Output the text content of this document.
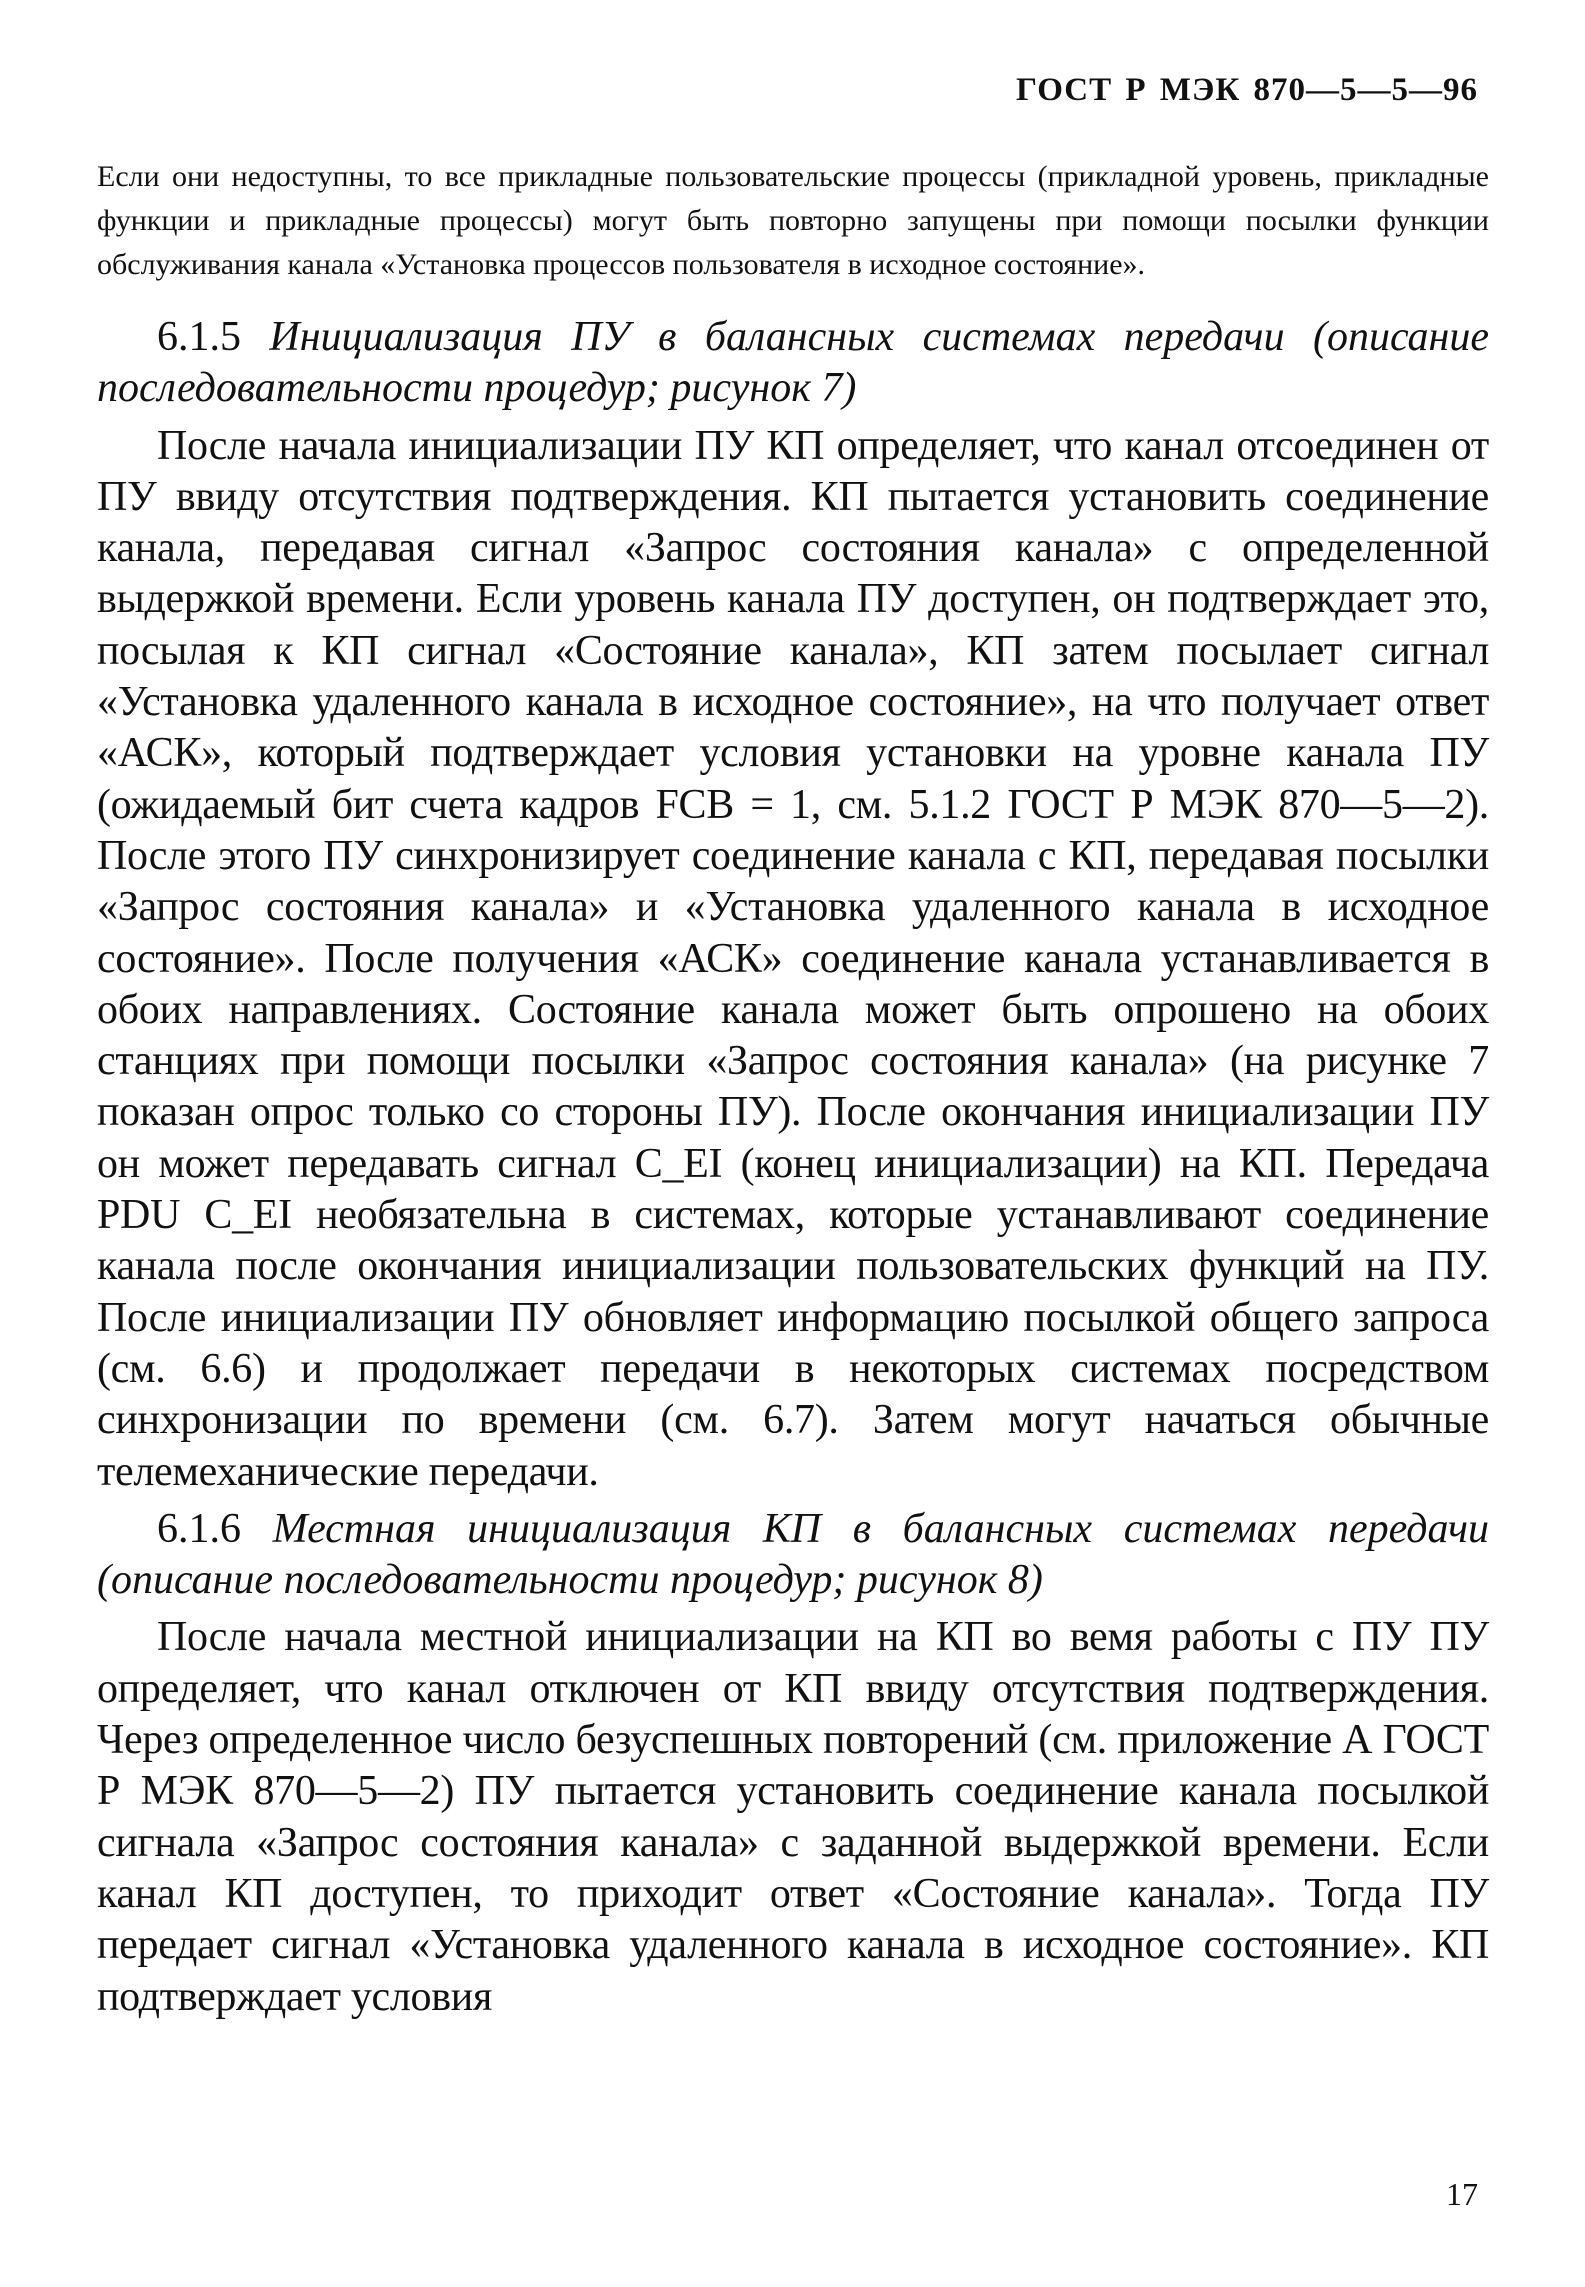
ГОСТ Р МЭК 870—5—5—96
Если они недоступны, то все прикладные пользовательские процессы (прикладной уровень, прикладные функции и прикладные процессы) могут быть повторно запущены при помощи посылки функции обслуживания канала «Установка процессов пользователя в исходное состояние».

6.1.5 Инициализация ПУ в балансных системах передачи (описание последовательности процедур; рисунок 7)

После начала инициализации ПУ КП определяет, что канал отсоединен от ПУ ввиду отсутствия подтверждения. КП пытается установить соединение канала, передавая сигнал «Запрос состояния канала» с определенной выдержкой времени. Если уровень канала ПУ доступен, он подтверждает это, посылая к КП сигнал «Состояние канала», КП затем посылает сигнал «Установка удаленного канала в исходное состояние», на что получает ответ «АСК», который подтверждает условия установки на уровне канала ПУ (ожидаемый бит счета кадров FCB = 1, см. 5.1.2 ГОСТ Р МЭК 870—5—2). После этого ПУ синхронизирует соединение канала с КП, передавая посылки «Запрос состояния канала» и «Установка удаленного канала в исходное состояние». После получения «АСК» соединение канала устанавливается в обоих направлениях. Состояние канала может быть опрошено на обоих станциях при помощи посылки «Запрос состояния канала» (на рисунке 7 показан опрос только со стороны ПУ). После окончания инициализации ПУ он может передавать сигнал C_EI (конец инициализации) на КП. Передача PDU C_EI необязательна в системах, которые устанавливают соединение канала после окончания инициализации пользовательских функций на ПУ. После инициализации ПУ обновляет информацию посылкой общего запроса (см. 6.6) и продолжает передачи в некоторых системах посредством синхронизации по времени (см. 6.7). Затем могут начаться обычные телемеханические передачи.

6.1.6 Местная инициализация КП в балансных системах передачи (описание последовательности процедур; рисунок 8)

После начала местной инициализации на КП во вемя работы с ПУ ПУ определяет, что канал отключен от КП ввиду отсутствия подтверждения. Через определенное число безуспешных повторений (см. приложение А ГОСТ Р МЭК 870—5—2) ПУ пытается установить соединение канала посылкой сигнала «Запрос состояния канала» с заданной выдержкой времени. Если канал КП доступен, то приходит ответ «Состояние канала». Тогда ПУ передает сигнал «Установка удаленного канала в исходное состояние». КП подтверждает условия

17
